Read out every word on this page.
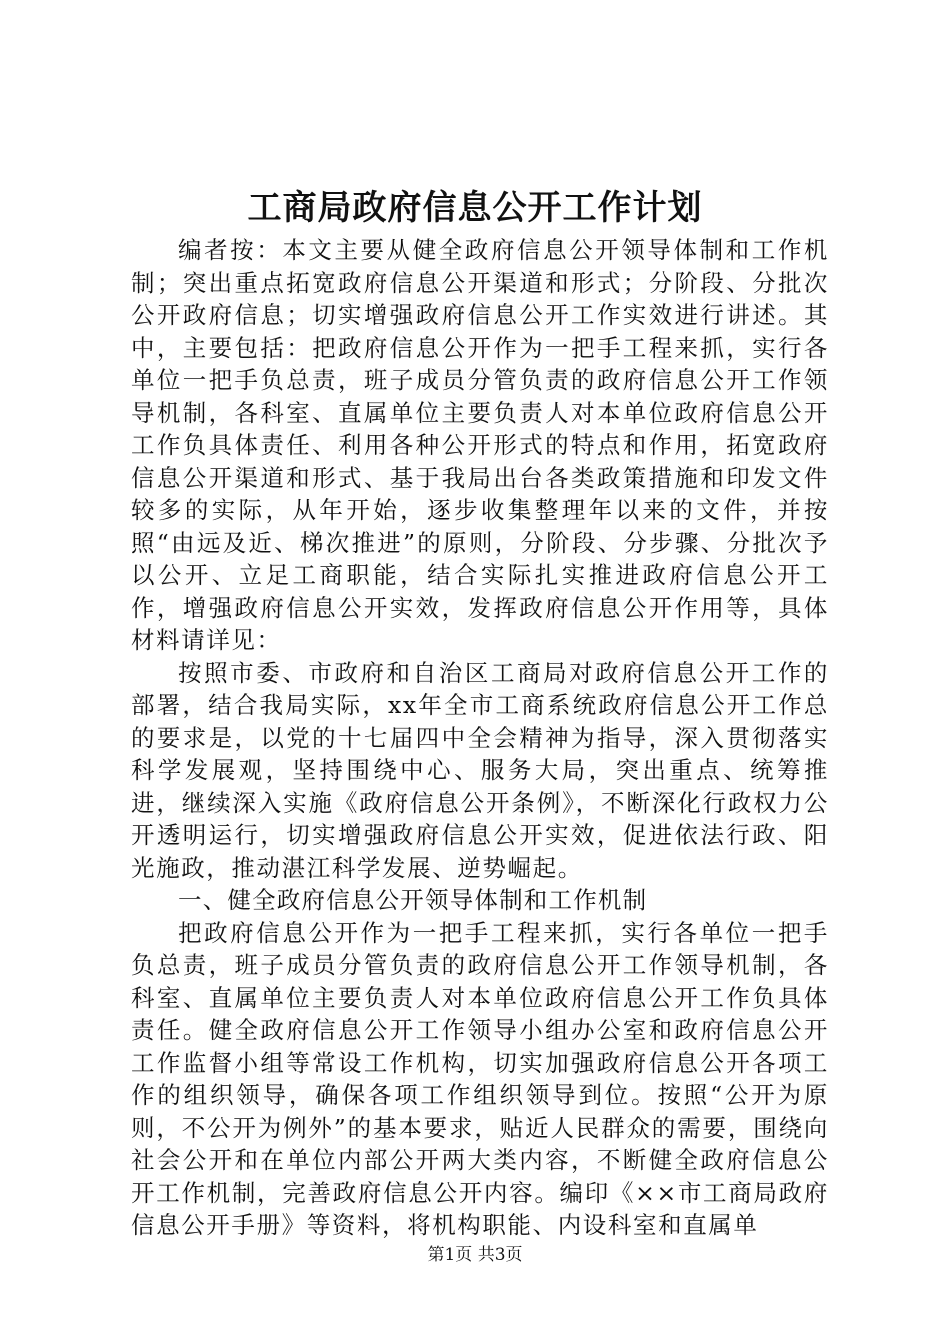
工商局政府信息公开工作计划

编者按：本文主要从健全政府信息公开领导体制和工作机制；突出重点拓宽政府信息公开渠道和形式；分阶段、分批次公开政府信息；切实增强政府信息公开工作实效进行讲述。其中，主要包括：把政府信息公开作为一把手工程来抓，实行各单位一把手负总责，班子成员分管负责的政府信息公开工作领导机制，各科室、直属单位主要负责人对本单位政府信息公开工作负具体责任、利用各种公开形式的特点和作用，拓宽政府信息公开渠道和形式、基于我局出台各类政策措施和印发文件较多的实际，从年开始，逐步收集整理年以来的文件，并按照“由远及近、梯次推进”的原则，分阶段、分步骤、分批次予以公开、立足工商职能，结合实际扎实推进政府信息公开工作，增强政府信息公开实效，发挥政府信息公开作用等，具体材料请详见：

按照市委、市政府和自治区工商局对政府信息公开工作的部署，结合我局实际，xx年全市工商系统政府信息公开工作总的要求是，以党的十七届四中全会精神为指导，深入贯彻落实科学发展观，坚持围绕中心、服务大局，突出重点、统筹推进，继续深入实施《政府信息公开条例》，不断深化行政权力公开透明运行，切实增强政府信息公开实效，促进依法行政、阳光施政，推动湛江科学发展、逆势崛起。

一、健全政府信息公开领导体制和工作机制

把政府信息公开作为一把手工程来抓，实行各单位一把手负总责，班子成员分管负责的政府信息公开工作领导机制，各科室、直属单位主要负责人对本单位政府信息公开工作负具体责任。健全政府信息公开工作领导小组办公室和政府信息公开工作监督小组等常设工作机构，切实加强政府信息公开各项工作的组织领导，确保各项工作组织领导到位。按照“公开为原则，不公开为例外”的基本要求，贴近人民群众的需要，围绕向社会公开和在单位内部公开两大类内容，不断健全政府信息公开工作机制，完善政府信息公开内容。编印《××市工商局政府信息公开手册》等资料，将机构职能、内设科室和直属单

第1页 共3页
